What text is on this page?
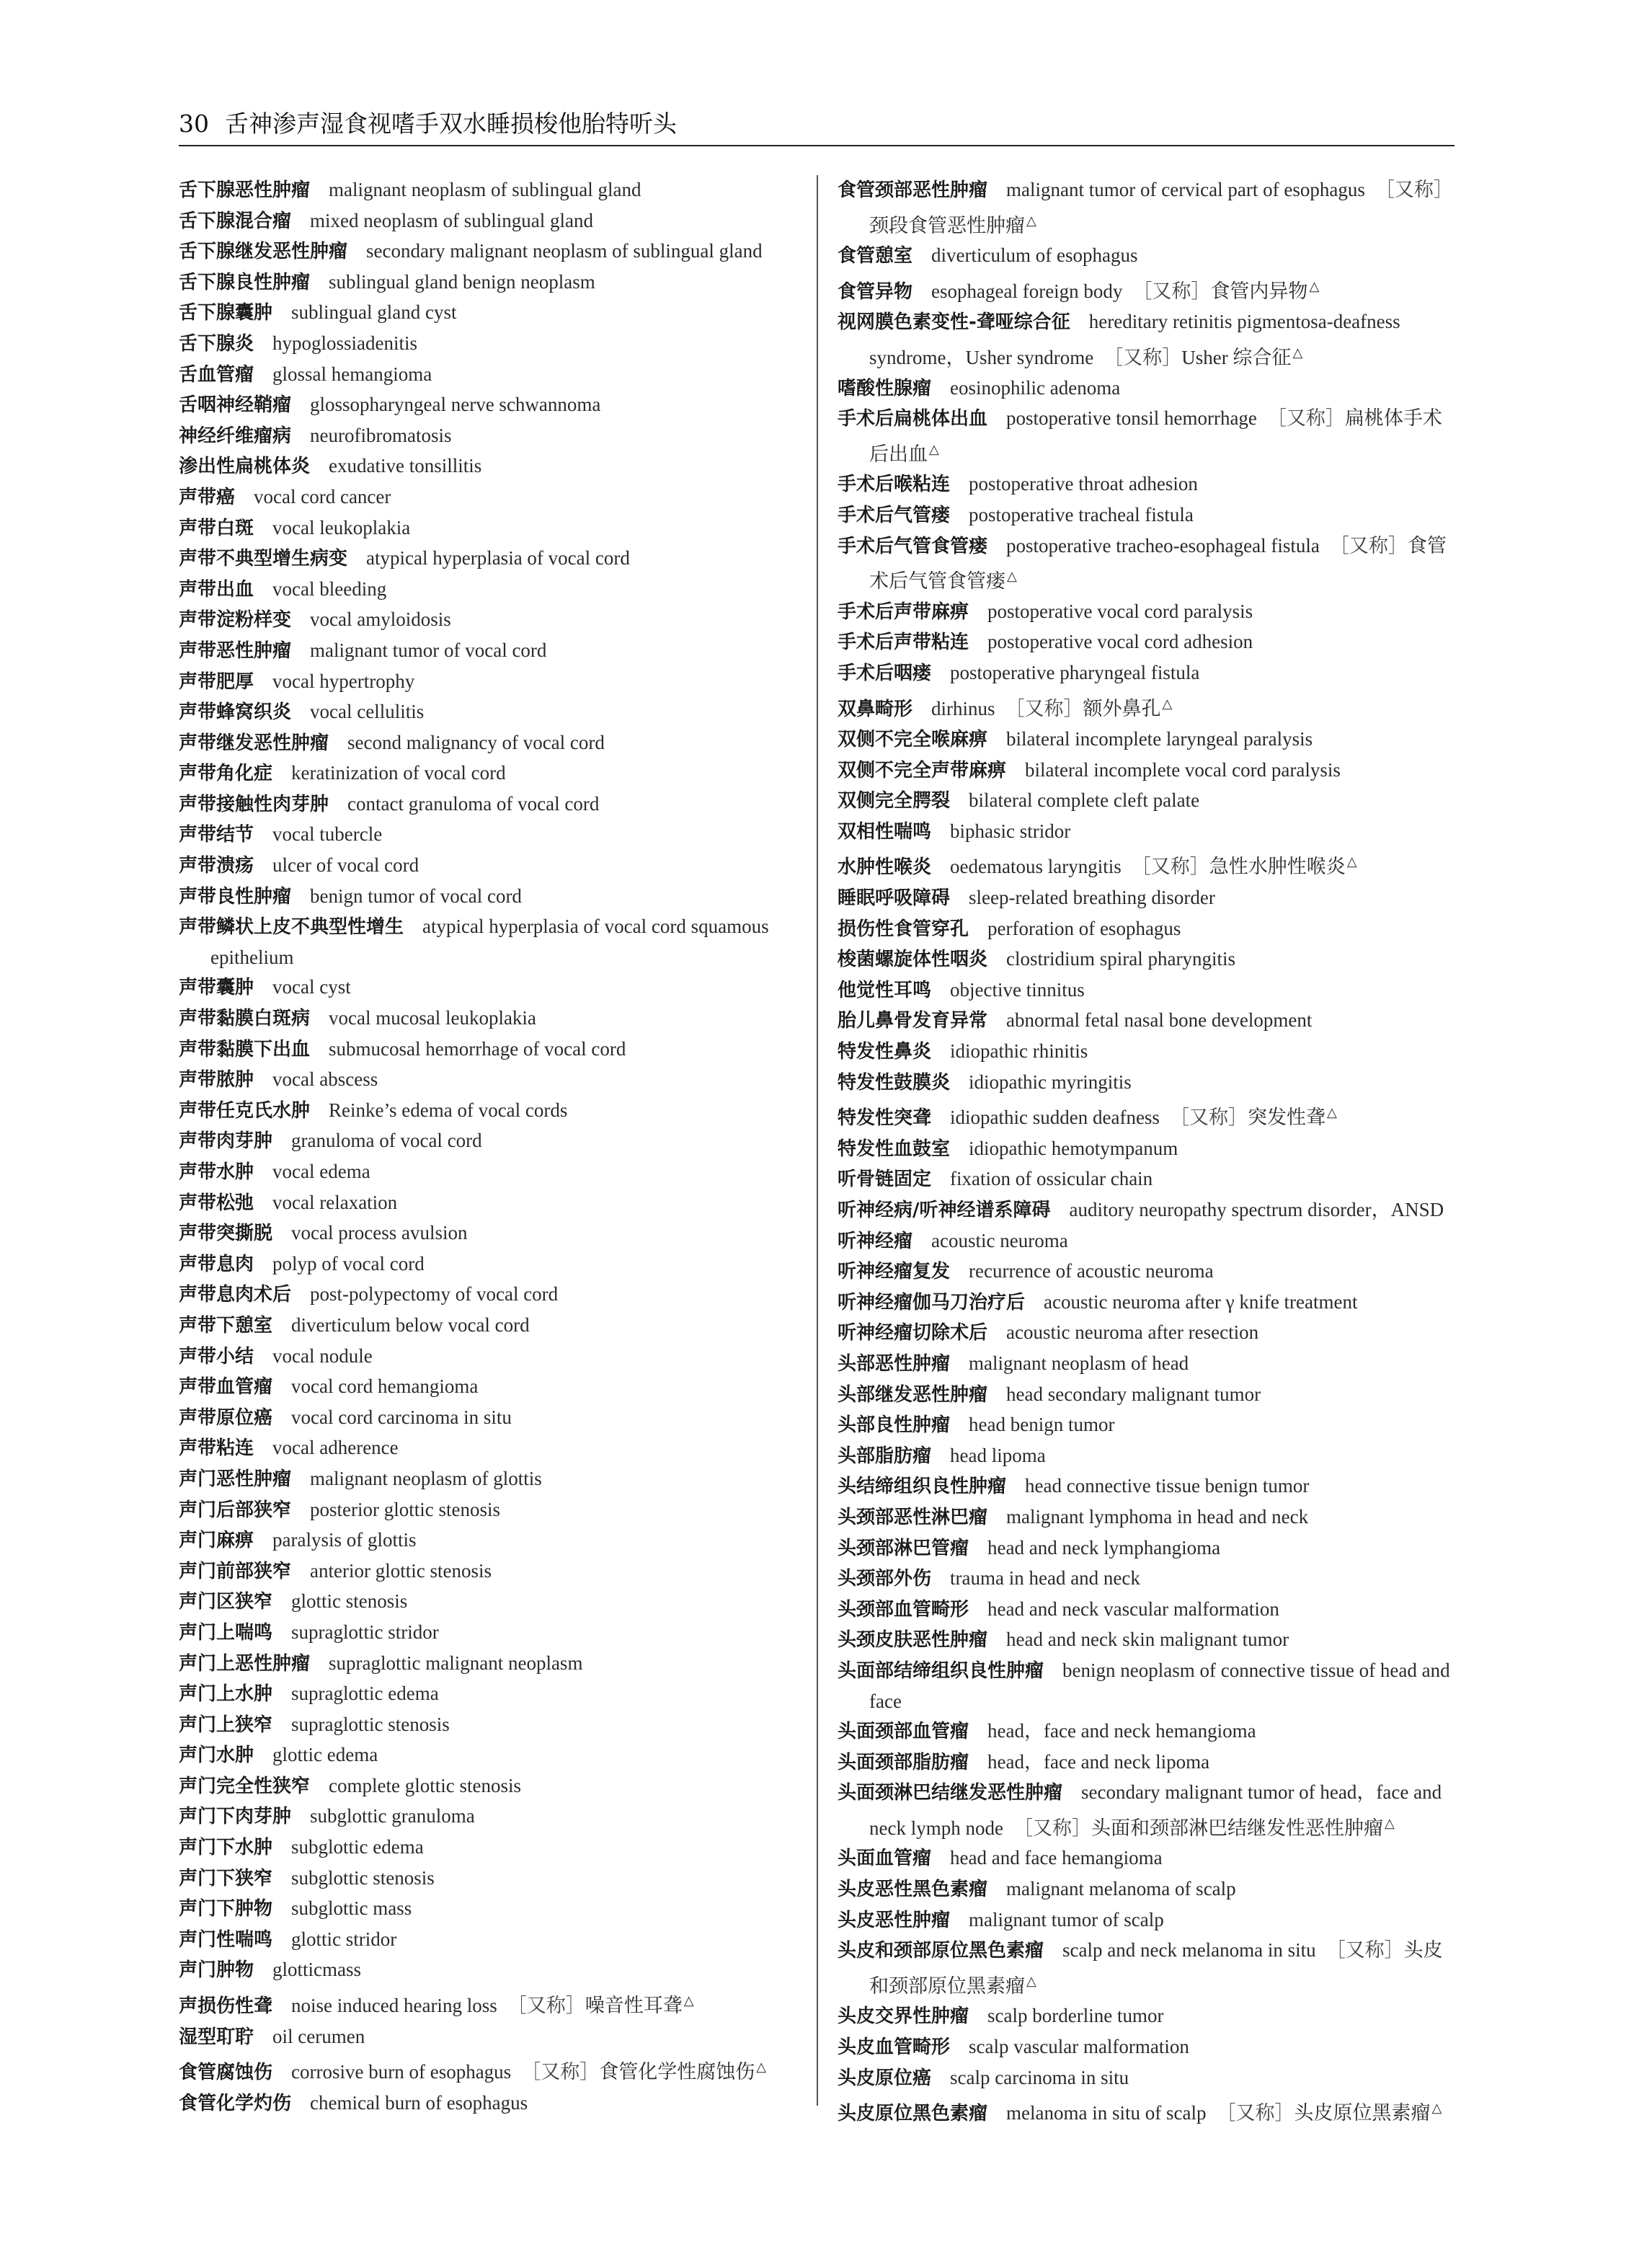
30 舌神渗声湿食视嗜手双水睡损梭他胎特听头
舌下腺恶性肿瘤 malignant neoplasm of sublingual gland
舌下腺混合瘤 mixed neoplasm of sublingual gland
舌下腺继发恶性肿瘤 secondary malignant neoplasm of sublingual gland
舌下腺良性肿瘤 sublingual gland benign neoplasm
舌下腺囊肿 sublingual gland cyst
舌下腺炎 hypoglossiadenitis
舌血管瘤 glossal hemangioma
舌咽神经鞘瘤 glossopharyngeal nerve schwannoma
神经纤维瘤病 neurofibromatosis
渗出性扁桃体炎 exudative tonsillitis
声带癌 vocal cord cancer
声带白斑 vocal leukoplakia
声带不典型增生病变 atypical hyperplasia of vocal cord
声带出血 vocal bleeding
声带淀粉样变 vocal amyloidosis
声带恶性肿瘤 malignant tumor of vocal cord
声带肥厚 vocal hypertrophy
声带蜂窝织炎 vocal cellulitis
声带继发恶性肿瘤 second malignancy of vocal cord
声带角化症 keratinization of vocal cord
声带接触性肉芽肿 contact granuloma of vocal cord
声带结节 vocal tubercle
声带溃疡 ulcer of vocal cord
声带良性肿瘤 benign tumor of vocal cord
声带鳞状上皮不典型性增生 atypical hyperplasia of vocal cord squamous epithelium
声带囊肿 vocal cyst
声带黏膜白斑病 vocal mucosal leukoplakia
声带黏膜下出血 submucosal hemorrhage of vocal cord
声带脓肿 vocal abscess
声带任克氏水肿 Reinke’s edema of vocal cords
声带肉芽肿 granuloma of vocal cord
声带水肿 vocal edema
声带松弛 vocal relaxation
声带突撕脱 vocal process avulsion
声带息肉 polyp of vocal cord
声带息肉术后 post-polypectomy of vocal cord
声带下憩室 diverticulum below vocal cord
声带小结 vocal nodule
声带血管瘤 vocal cord hemangioma
声带原位癌 vocal cord carcinoma in situ
声带粘连 vocal adherence
声门恶性肿瘤 malignant neoplasm of glottis
声门后部狭窄 posterior glottic stenosis
声门麻痹 paralysis of glottis
声门前部狭窄 anterior glottic stenosis
声门区狭窄 glottic stenosis
声门上喘鸣 supraglottic stridor
声门上恶性肿瘤 supraglottic malignant neoplasm
声门上水肿 supraglottic edema
声门上狭窄 supraglottic stenosis
声门水肿 glottic edema
声门完全性狭窄 complete glottic stenosis
声门下肉芽肿 subglottic granuloma
声门下水肿 subglottic edema
声门下狭窄 subglottic stenosis
声门下肿物 subglottic mass
声门性喘鸣 glottic stridor
声门肿物 glotticmass
声损伤性聋 noise induced hearing loss ［又称］噪音性耳聋 △
湿型耵聍 oil cerumen
食管腐蚀伤 corrosive burn of esophagus ［又称］食管化学性腐蚀伤 △
食管化学灼伤 chemical burn of esophagus
食管颈部恶性肿瘤 malignant tumor of cervical part of esophagus ［又称］颈段食管恶性肿瘤 △
食管憩室 diverticulum of esophagus
食管异物 esophageal foreign body ［又称］食管内异物 △
视网膜色素变性-聋哑综合征 hereditary retinitis pigmentosa-deafness syndrome，Usher syndrome ［又称］Usher 综合征 △
嗜酸性腺瘤 eosinophilic adenoma
手术后扁桃体出血 postoperative tonsil hemorrhage ［又称］扁桃体手术后出血 △
手术后喉粘连 postoperative throat adhesion
手术后气管瘘 postoperative tracheal fistula
手术后气管食管瘘 postoperative tracheo-esophageal fistula ［又称］食管术后气管食管瘘 △
手术后声带麻痹 postoperative vocal cord paralysis
手术后声带粘连 postoperative vocal cord adhesion
手术后咽瘘 postoperative pharyngeal fistula
双鼻畸形 dirhinus ［又称］额外鼻孔 △
双侧不完全喉麻痹 bilateral incomplete laryngeal paralysis
双侧不完全声带麻痹 bilateral incomplete vocal cord paralysis
双侧完全腭裂 bilateral complete cleft palate
双相性喘鸣 biphasic stridor
水肿性喉炎 oedematous laryngitis ［又称］急性水肿性喉炎 △
睡眠呼吸障碍 sleep-related breathing disorder
损伤性食管穿孔 perforation of esophagus
梭菌螺旋体性咽炎 clostridium spiral pharyngitis
他觉性耳鸣 objective tinnitus
胎儿鼻骨发育异常 abnormal fetal nasal bone development
特发性鼻炎 idiopathic rhinitis
特发性鼓膜炎 idiopathic myringitis
特发性突聋 idiopathic sudden deafness ［又称］突发性聋 △
特发性血鼓室 idiopathic hemotympanum
听骨链固定 fixation of ossicular chain
听神经病/听神经谱系障碍 auditory neuropathy spectrum disorder，ANSD
听神经瘤 acoustic neuroma
听神经瘤复发 recurrence of acoustic neuroma
听神经瘤伽马刀治疗后 acoustic neuroma after γ knife treatment
听神经瘤切除术后 acoustic neuroma after resection
头部恶性肿瘤 malignant neoplasm of head
头部继发恶性肿瘤 head secondary malignant tumor
头部良性肿瘤 head benign tumor
头部脂肪瘤 head lipoma
头结缔组织良性肿瘤 head connective tissue benign tumor
头颈部恶性淋巴瘤 malignant lymphoma in head and neck
头颈部淋巴管瘤 head and neck lymphangioma
头颈部外伤 trauma in head and neck
头颈部血管畸形 head and neck vascular malformation
头颈皮肤恶性肿瘤 head and neck skin malignant tumor
头面部结缔组织良性肿瘤 benign neoplasm of connective tissue of head and face
头面颈部血管瘤 head，face and neck hemangioma
头面颈部脂肪瘤 head，face and neck lipoma
头面颈淋巴结继发恶性肿瘤 secondary malignant tumor of head，face and neck lymph node ［又称］头面和颈部淋巴结继发性恶性肿瘤 △
头面血管瘤 head and face hemangioma
头皮恶性黑色素瘤 malignant melanoma of scalp
头皮恶性肿瘤 malignant tumor of scalp
头皮和颈部原位黑色素瘤 scalp and neck melanoma in situ ［又称］头皮和颈部原位黑素瘤 △
头皮交界性肿瘤 scalp borderline tumor
头皮血管畸形 scalp vascular malformation
头皮原位癌 scalp carcinoma in situ
头皮原位黑色素瘤 melanoma in situ of scalp ［又称］头皮原位黑素瘤 △
